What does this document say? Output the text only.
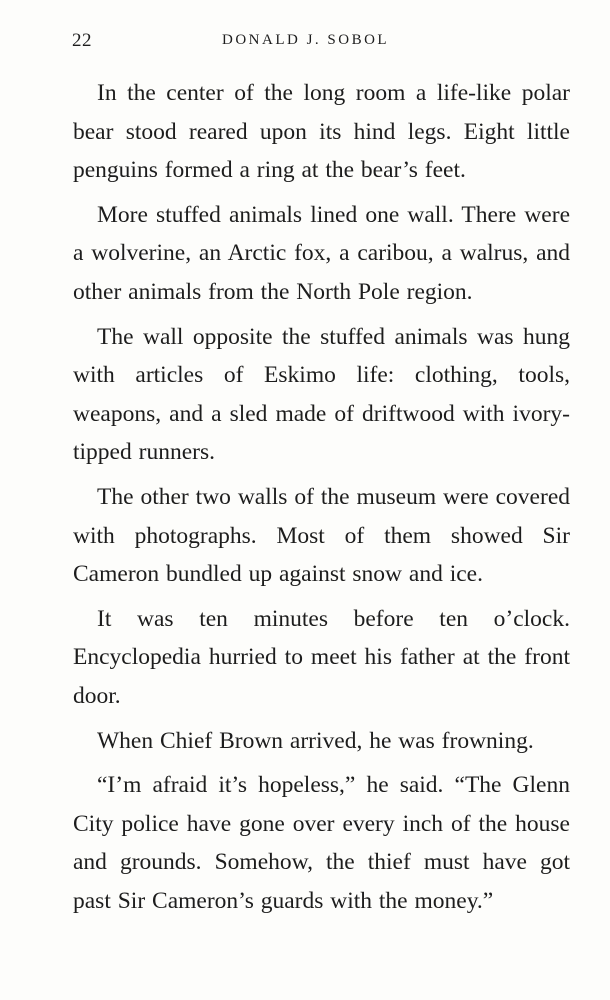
22	DONALD J. SOBOL

In the center of the long room a life-like polar bear stood reared upon its hind legs. Eight little penguins formed a ring at the bear’s feet.

More stuffed animals lined one wall. There were a wolverine, an Arctic fox, a caribou, a walrus, and other animals from the North Pole region.

The wall opposite the stuffed animals was hung with articles of Eskimo life: clothing, tools, weapons, and a sled made of driftwood with ivory-tipped runners.

The other two walls of the museum were covered with photographs. Most of them showed Sir Cameron bundled up against snow and ice.

It was ten minutes before ten o’clock. Encyclopedia hurried to meet his father at the front door.

When Chief Brown arrived, he was frowning.

“I’m afraid it’s hopeless,” he said. “The Glenn City police have gone over every inch of the house and grounds. Somehow, the thief must have got past Sir Cameron’s guards with the money.”
